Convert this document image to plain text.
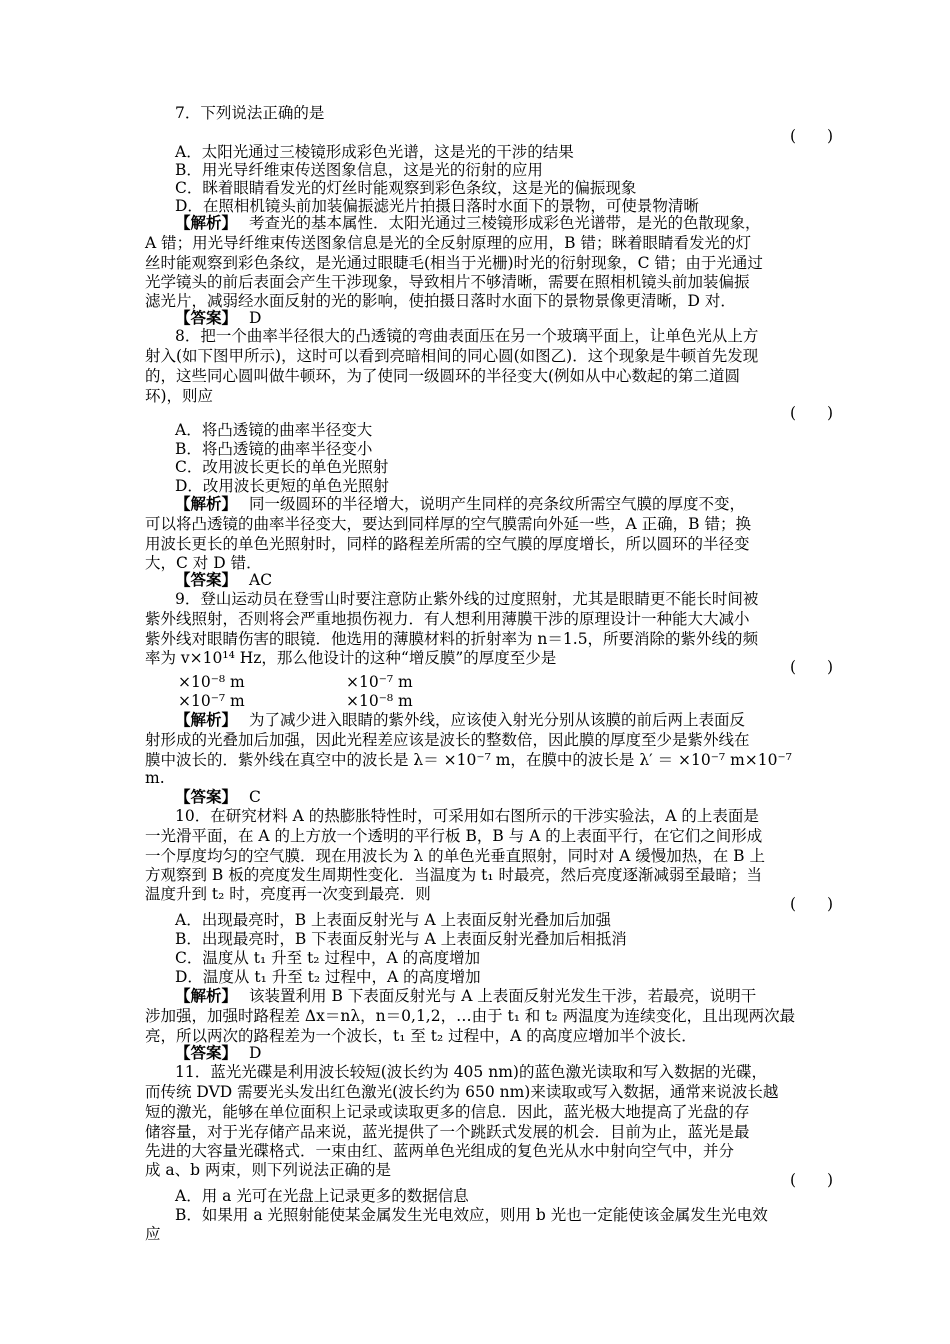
7．下列说法正确的是
(　　)
A．太阳光通过三棱镜形成彩色光谱，这是光的干涉的结果
B．用光导纤维束传送图象信息，这是光的衍射的应用
C．眯着眼睛看发光的灯丝时能观察到彩色条纹，这是光的偏振现象
D．在照相机镜头前加装偏振滤光片拍摄日落时水面下的景物，可使景物清晰
【解析】 考查光的基本属性．太阳光通过三棱镜形成彩色光谱带，是光的色散现象，
A 错；用光导纤维束传送图象信息是光的全反射原理的应用，B 错；眯着眼睛看发光的灯
丝时能观察到彩色条纹，是光通过眼睫毛(相当于光栅)时光的衍射现象，C 错；由于光通过
光学镜头的前后表面会产生干涉现象，导致相片不够清晰，需要在照相机镜头前加装偏振
滤光片，减弱经水面反射的光的影响，使拍摄日落时水面下的景物景像更清晰，D 对．
【答案】 D
8．把一个曲率半径很大的凸透镜的弯曲表面压在另一个玻璃平面上，让单色光从上方
射入(如下图甲所示)，这时可以看到亮暗相间的同心圆(如图乙)．这个现象是牛顿首先发现
的，这些同心圆叫做牛顿环，为了使同一级圆环的半径变大(例如从中心数起的第二道圆
环)，则应
(　　)
A．将凸透镜的曲率半径变大
B．将凸透镜的曲率半径变小
C．改用波长更长的单色光照射
D．改用波长更短的单色光照射
【解析】 同一级圆环的半径增大，说明产生同样的亮条纹所需空气膜的厚度不变，
可以将凸透镜的曲率半径变大，要达到同样厚的空气膜需向外延一些，A 正确，B 错；换
用波长更长的单色光照射时，同样的路程差所需的空气膜的厚度增长，所以圆环的半径变
大，C 对 D 错．
【答案】 AC
9．登山运动员在登雪山时要注意防止紫外线的过度照射，尤其是眼睛更不能长时间被
紫外线照射，否则将会严重地损伤视力．有人想利用薄膜干涉的原理设计一种能大大减小
紫外线对眼睛伤害的眼镜．他选用的薄膜材料的折射率为 n＝1.5，所要消除的紫外线的频
率为 v×10¹⁴ Hz，那么他设计的这种“增反膜”的厚度至少是	(　　)
×10⁻⁸ m	×10⁻⁷ m
×10⁻⁷ m	×10⁻⁸ m
【解析】 为了减少进入眼睛的紫外线，应该使入射光分别从该膜的前后两上表面反
射形成的光叠加后加强，因此光程差应该是波长的整数倍，因此膜的厚度至少是紫外线在
膜中波长的．紫外线在真空中的波长是 λ＝ ×10⁻⁷ m，在膜中的波长是 λ′ ＝ ×10⁻⁷ m×10⁻⁷
m.
【答案】 C
10．在研究材料 A 的热膨胀特性时，可采用如右图所示的干涉实验法，A 的上表面是
一光滑平面，在 A 的上方放一个透明的平行板 B，B 与 A 的上表面平行，在它们之间形成
一个厚度均匀的空气膜．现在用波长为 λ 的单色光垂直照射，同时对 A 缓慢加热，在 B 上
方观察到 B 板的亮度发生周期性变化．当温度为 t₁ 时最亮，然后亮度逐渐减弱至最暗；当
温度升到 t₂ 时，亮度再一次变到最亮．则
(　　)
A．出现最亮时，B 上表面反射光与 A 上表面反射光叠加后加强
B．出现最亮时，B 下表面反射光与 A 上表面反射光叠加后相抵消
C．温度从 t₁ 升至 t₂ 过程中，A 的高度增加
D．温度从 t₁ 升至 t₂ 过程中，A 的高度增加
【解析】 该装置利用 B 下表面反射光与 A 上表面反射光发生干涉，若最亮，说明干
涉加强，加强时路程差 Δx＝nλ，n＝0,1,2，…由于 t₁ 和 t₂ 两温度为连续变化，且出现两次最
亮，所以两次的路程差为一个波长，t₁ 至 t₂ 过程中，A 的高度应增加半个波长．
【答案】 D
11．蓝光光碟是利用波长较短(波长约为 405 nm)的蓝色激光读取和写入数据的光碟，
而传统 DVD 需要光头发出红色激光(波长约为 650 nm)来读取或写入数据，通常来说波长越
短的激光，能够在单位面积上记录或读取更多的信息．因此，蓝光极大地提高了光盘的存
储容量，对于光存储产品来说，蓝光提供了一个跳跃式发展的机会．目前为止，蓝光是最
先进的大容量光碟格式．一束由红、蓝两单色光组成的复色光从水中射向空气中，并分
成 a、b 两束，则下列说法正确的是
(　　)
A．用 a 光可在光盘上记录更多的数据信息
B．如果用 a 光照射能使某金属发生光电效应，则用 b 光也一定能使该金属发生光电效
应
